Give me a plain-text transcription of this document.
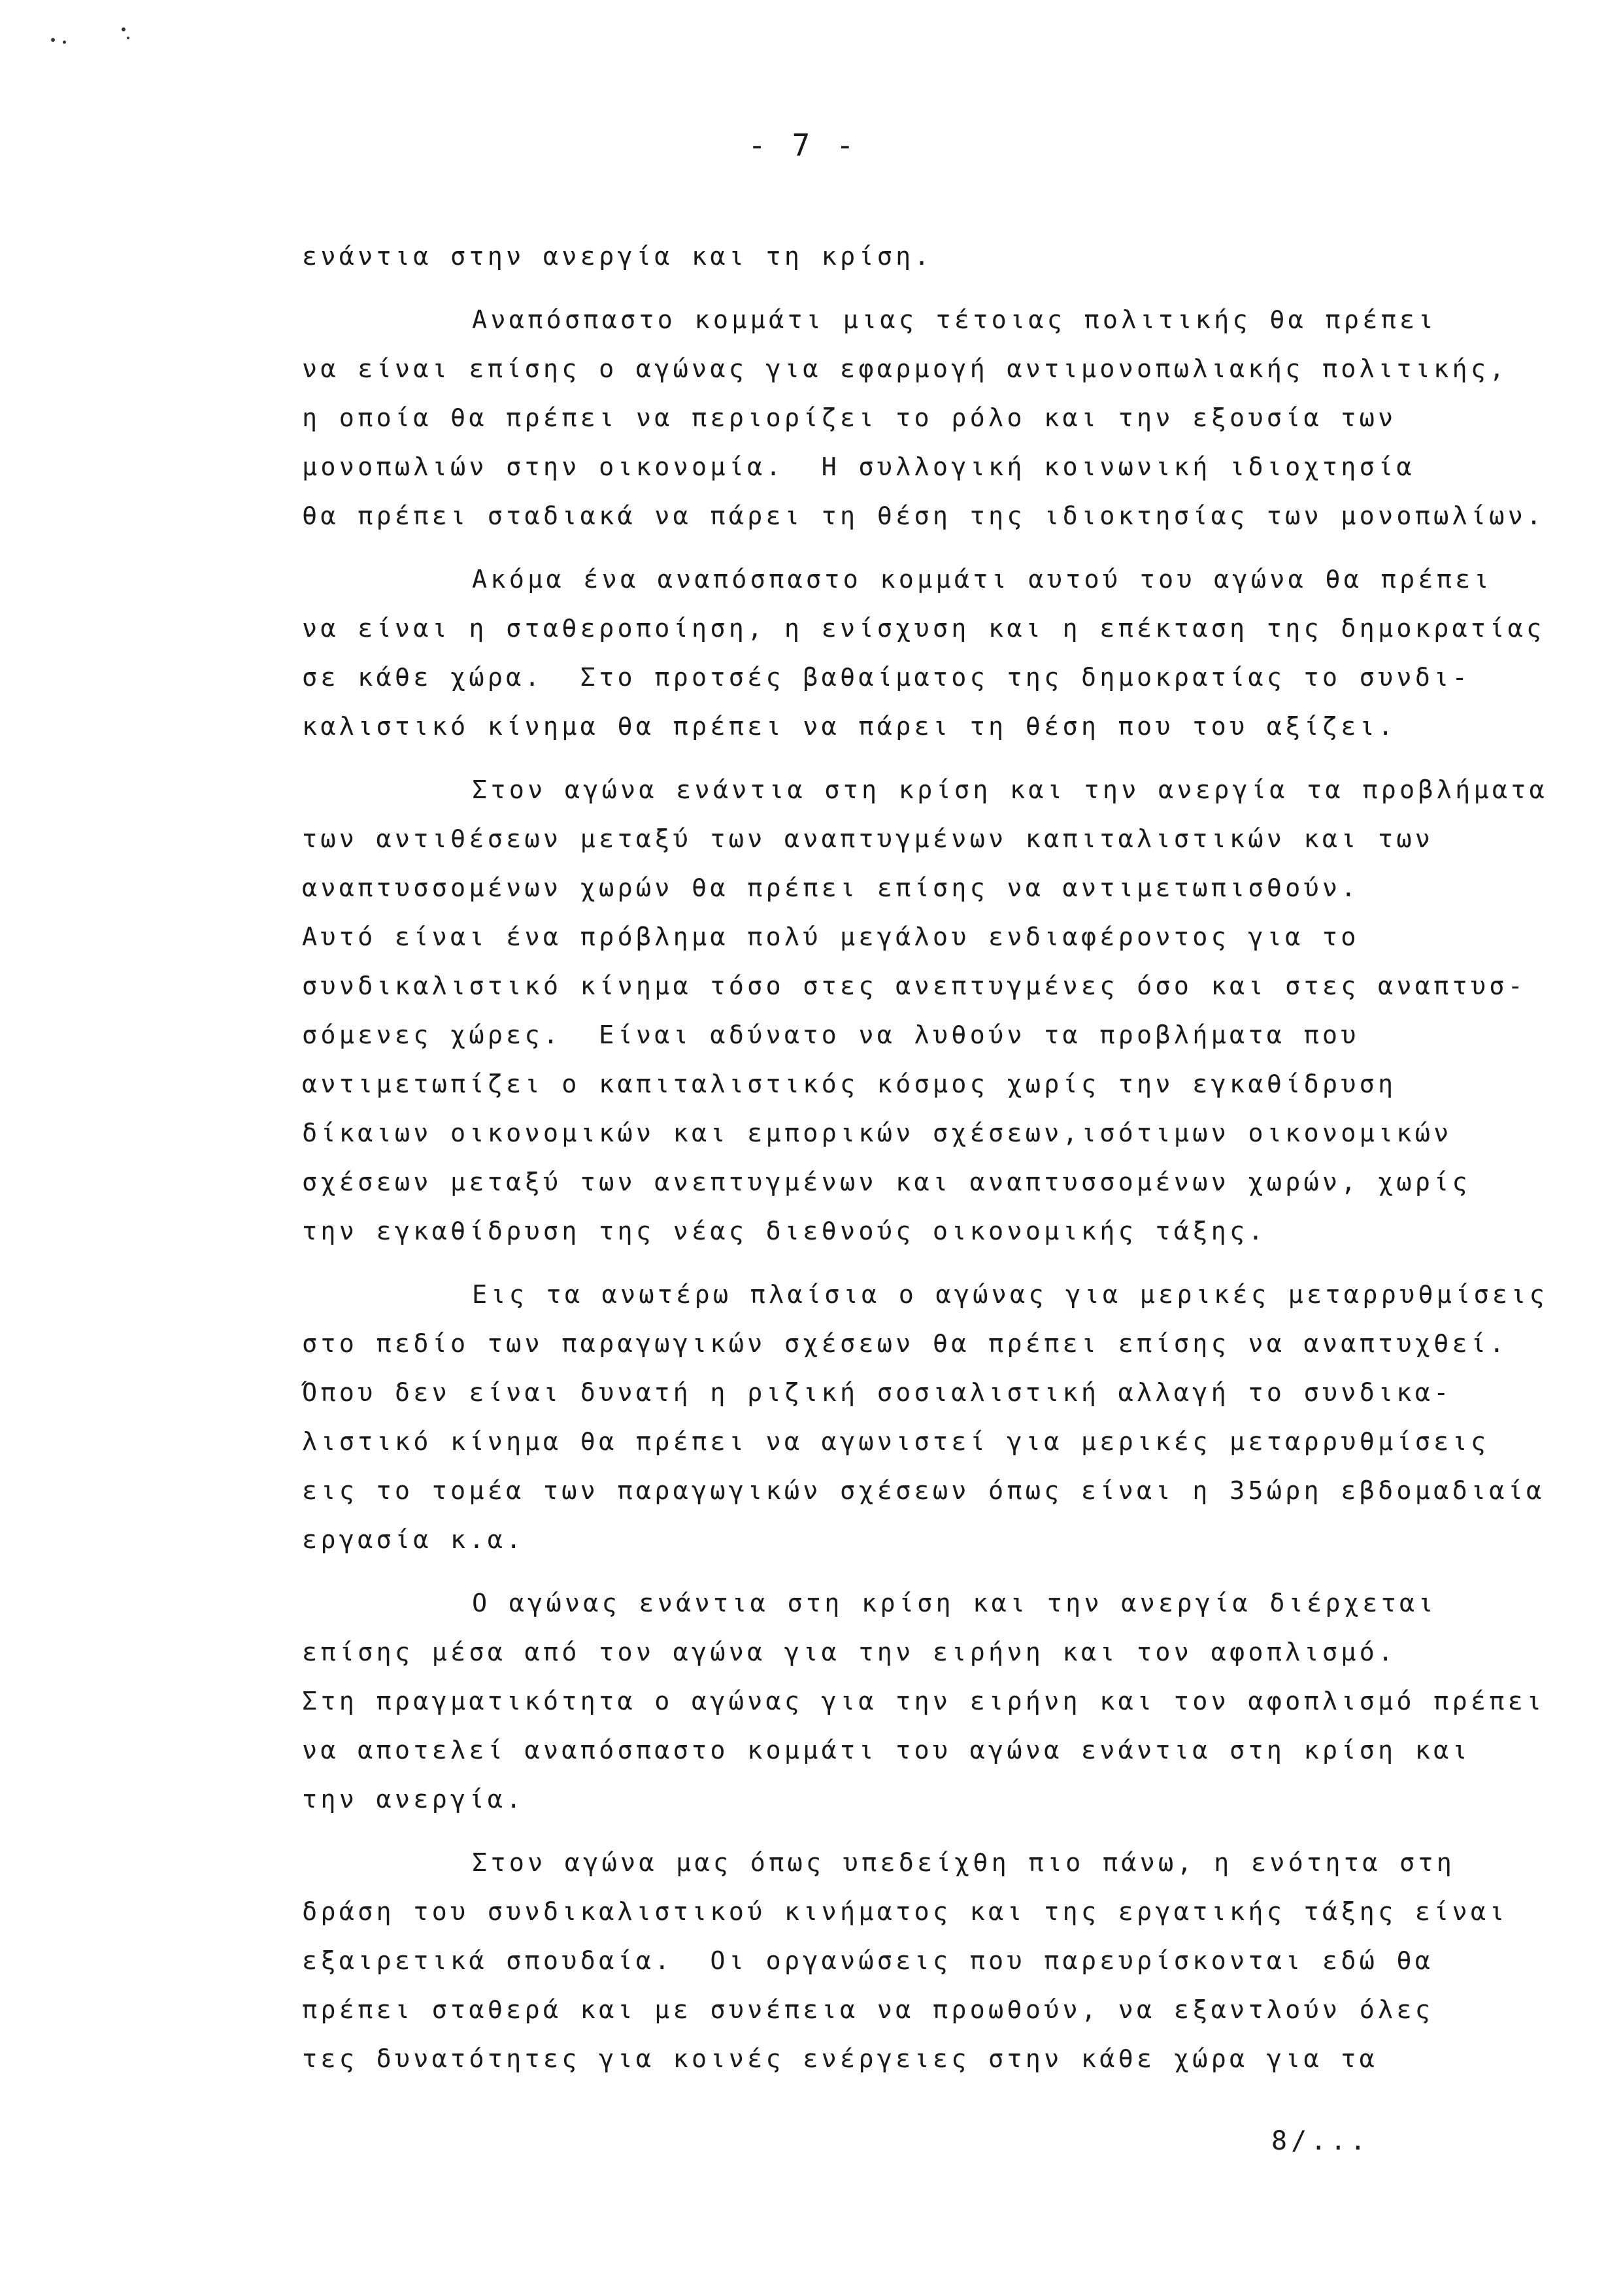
- 7 -
ενάντια στην ανεργία και τη κρίση.
Αναπόσπαστο κομμάτι μιας τέτοιας πολιτικής θα πρέπει
να είναι επίσης ο αγώνας για εφαρμογή αντιμονοπωλιακής πολιτικής,
η οποία θα πρέπει να περιορίζει το ρόλο και την εξουσία των
μονοπωλιών στην οικονομία.  Η συλλογική κοινωνική ιδιοχτησία
θα πρέπει σταδιακά να πάρει τη θέση της ιδιοκτησίας των μονοπωλίων.
Ακόμα ένα αναπόσπαστο κομμάτι αυτού του αγώνα θα πρέπει
να είναι η σταθεροποίηση, η ενίσχυση και η επέκταση της δημοκρατίας
σε κάθε χώρα.  Στο προτσές βαθαίματος της δημοκρατίας το συνδι-
καλιστικό κίνημα θα πρέπει να πάρει τη θέση που του αξίζει.
Στον αγώνα ενάντια στη κρίση και την ανεργία τα προβλήματα
των αντιθέσεων μεταξύ των αναπτυγμένων καπιταλιστικών και των
αναπτυσσομένων χωρών θα πρέπει επίσης να αντιμετωπισθούν.
Αυτό είναι ένα πρόβλημα πολύ μεγάλου ενδιαφέροντος για το
συνδικαλιστικό κίνημα τόσο στες ανεπτυγμένες όσο και στες αναπτυσ-
σόμενες χώρες.  Είναι αδύνατο να λυθούν τα προβλήματα που
αντιμετωπίζει ο καπιταλιστικός κόσμος χωρίς την εγκαθίδρυση
δίκαιων οικονομικών και εμπορικών σχέσεων,ισότιμων οικονομικών
σχέσεων μεταξύ των ανεπτυγμένων και αναπτυσσομένων χωρών, χωρίς
την εγκαθίδρυση της νέας διεθνούς οικονομικής τάξης.
Εις τα ανωτέρω πλαίσια ο αγώνας για μερικές μεταρρυθμίσεις
στο πεδίο των παραγωγικών σχέσεων θα πρέπει επίσης να αναπτυχθεί.
Όπου δεν είναι δυνατή η ριζική σοσιαλιστική αλλαγή το συνδικα-
λιστικό κίνημα θα πρέπει να αγωνιστεί για μερικές μεταρρυθμίσεις
εις το τομέα των παραγωγικών σχέσεων όπως είναι η 35ώρη εβδομαδιαία
εργασία κ.α.
Ο αγώνας ενάντια στη κρίση και την ανεργία διέρχεται
επίσης μέσα από τον αγώνα για την ειρήνη και τον αφοπλισμό.
Στη πραγματικότητα ο αγώνας για την ειρήνη και τον αφοπλισμό πρέπει
να αποτελεί αναπόσπαστο κομμάτι του αγώνα ενάντια στη κρίση και
την ανεργία.
Στον αγώνα μας όπως υπεδείχθη πιο πάνω, η ενότητα στη
δράση του συνδικαλιστικού κινήματος και της εργατικής τάξης είναι
εξαιρετικά σπουδαία.  Οι οργανώσεις που παρευρίσκονται εδώ θα
πρέπει σταθερά και με συνέπεια να προωθούν, να εξαντλούν όλες
τες δυνατότητες για κοινές ενέργειες στην κάθε χώρα για τα
8/...
